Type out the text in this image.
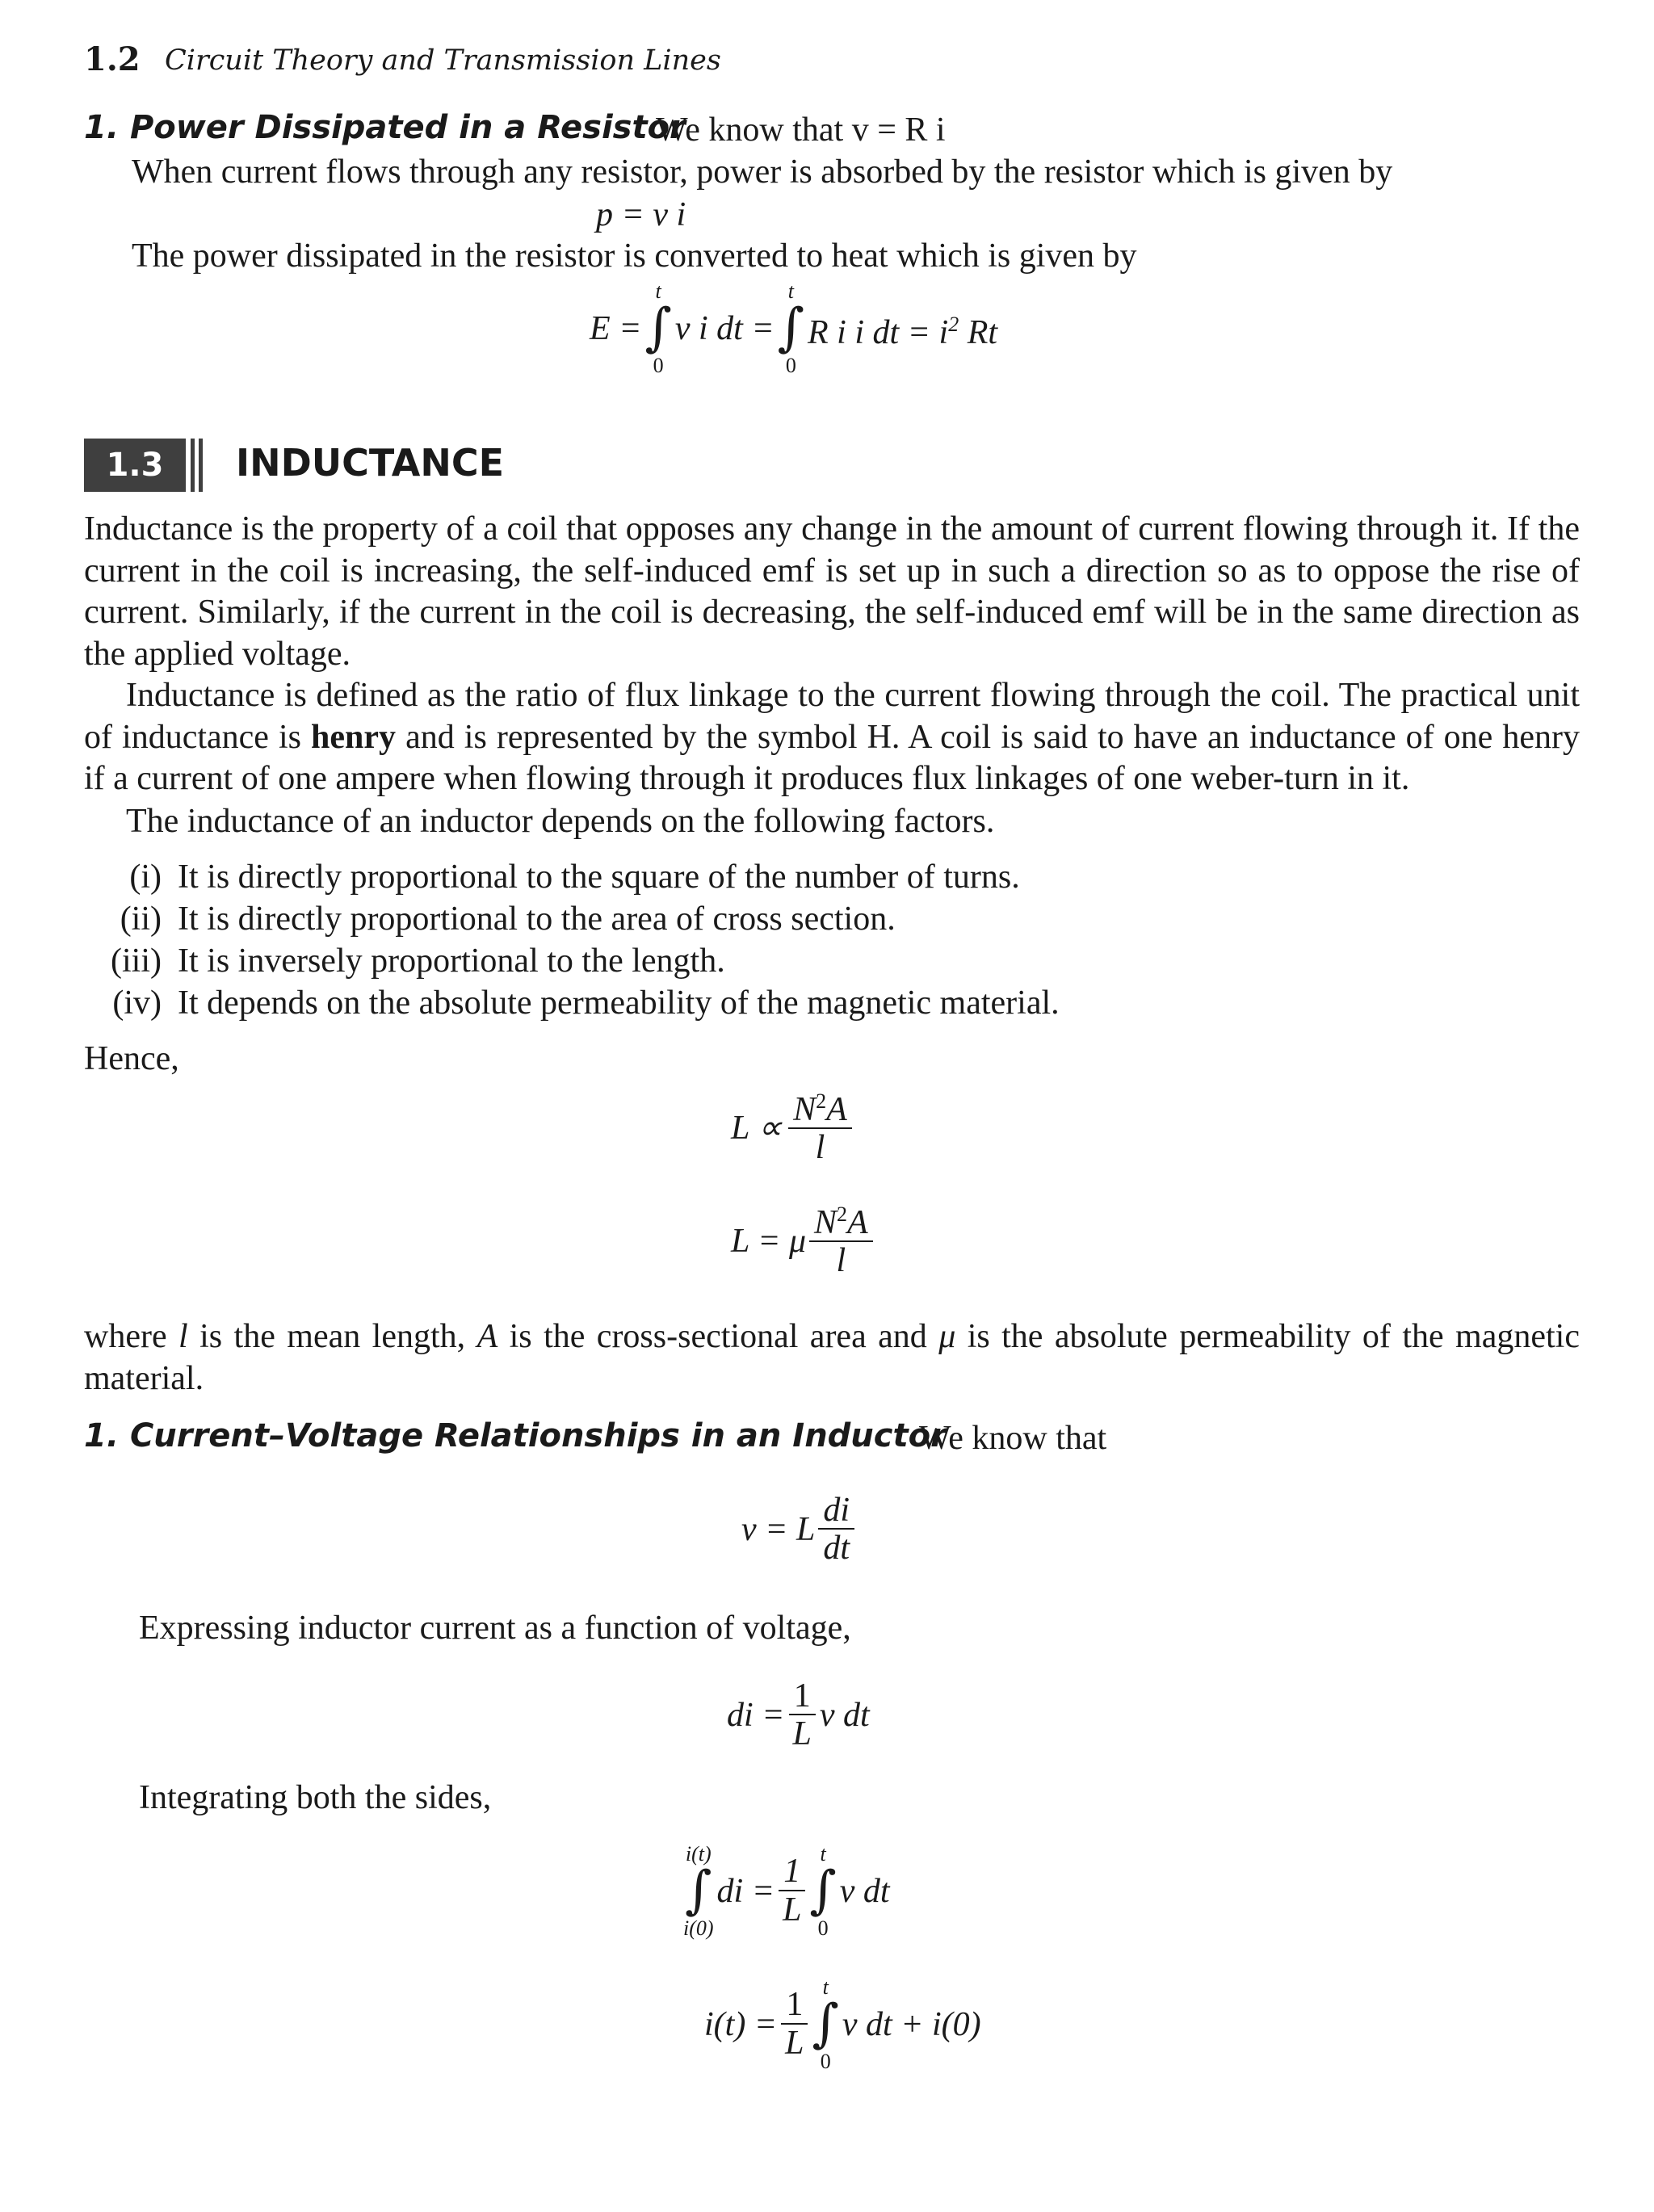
1.2 Circuit Theory and Transmission Lines
1. Power Dissipated in a Resistor
We know that v = R i
When current flows through any resistor, power is absorbed by the resistor which is given by
p = v i
The power dissipated in the resistor is converted to heat which is given by
E =
t
∫
0
v i dt =
t
∫
0
R i i dt = $i^2$ Rt
1.3	INDUCTANCE
Inductance is the property of a coil that opposes any change in the amount of current flowing through it. If the current in the coil is increasing, the self-induced emf is set up in such a direction so as to oppose the rise of current. Similarly, if the current in the coil is decreasing, the self-induced emf will be in the same direction as the applied voltage.
Inductance is defined as the ratio of flux linkage to the current flowing through the coil. The practical unit of inductance is henry and is represented by the symbol H. A coil is said to have an inductance of one henry if a current of one ampere when flowing through it produces flux linkages of one weber-turn in it.
The inductance of an inductor depends on the following factors.
(i) It is directly proportional to the square of the number of turns.
(ii) It is directly proportional to the area of cross section.
(iii) It is inversely proportional to the length.
(iv) It depends on the absolute permeability of the magnetic material.
Hence,
$L \propto \frac{N^2A}{l}$
L = μ $\frac{N^2A}{l}$
where l is the mean length, A is the cross-sectional area and μ is the absolute permeability of the magnetic material.
1. Current–Voltage Relationships in an Inductor
We know that
v = L $\frac{di}{dt}$
Expressing inductor current as a function of voltage,
di = $\frac{1}{L}$ v dt
Integrating both the sides,
i(t)
∫
i(0)
di = $\frac{1}{L}$ t
∫
0
v dt
$i(t) = \frac{1}{L}$ t
∫
0
v dt + i(0)
